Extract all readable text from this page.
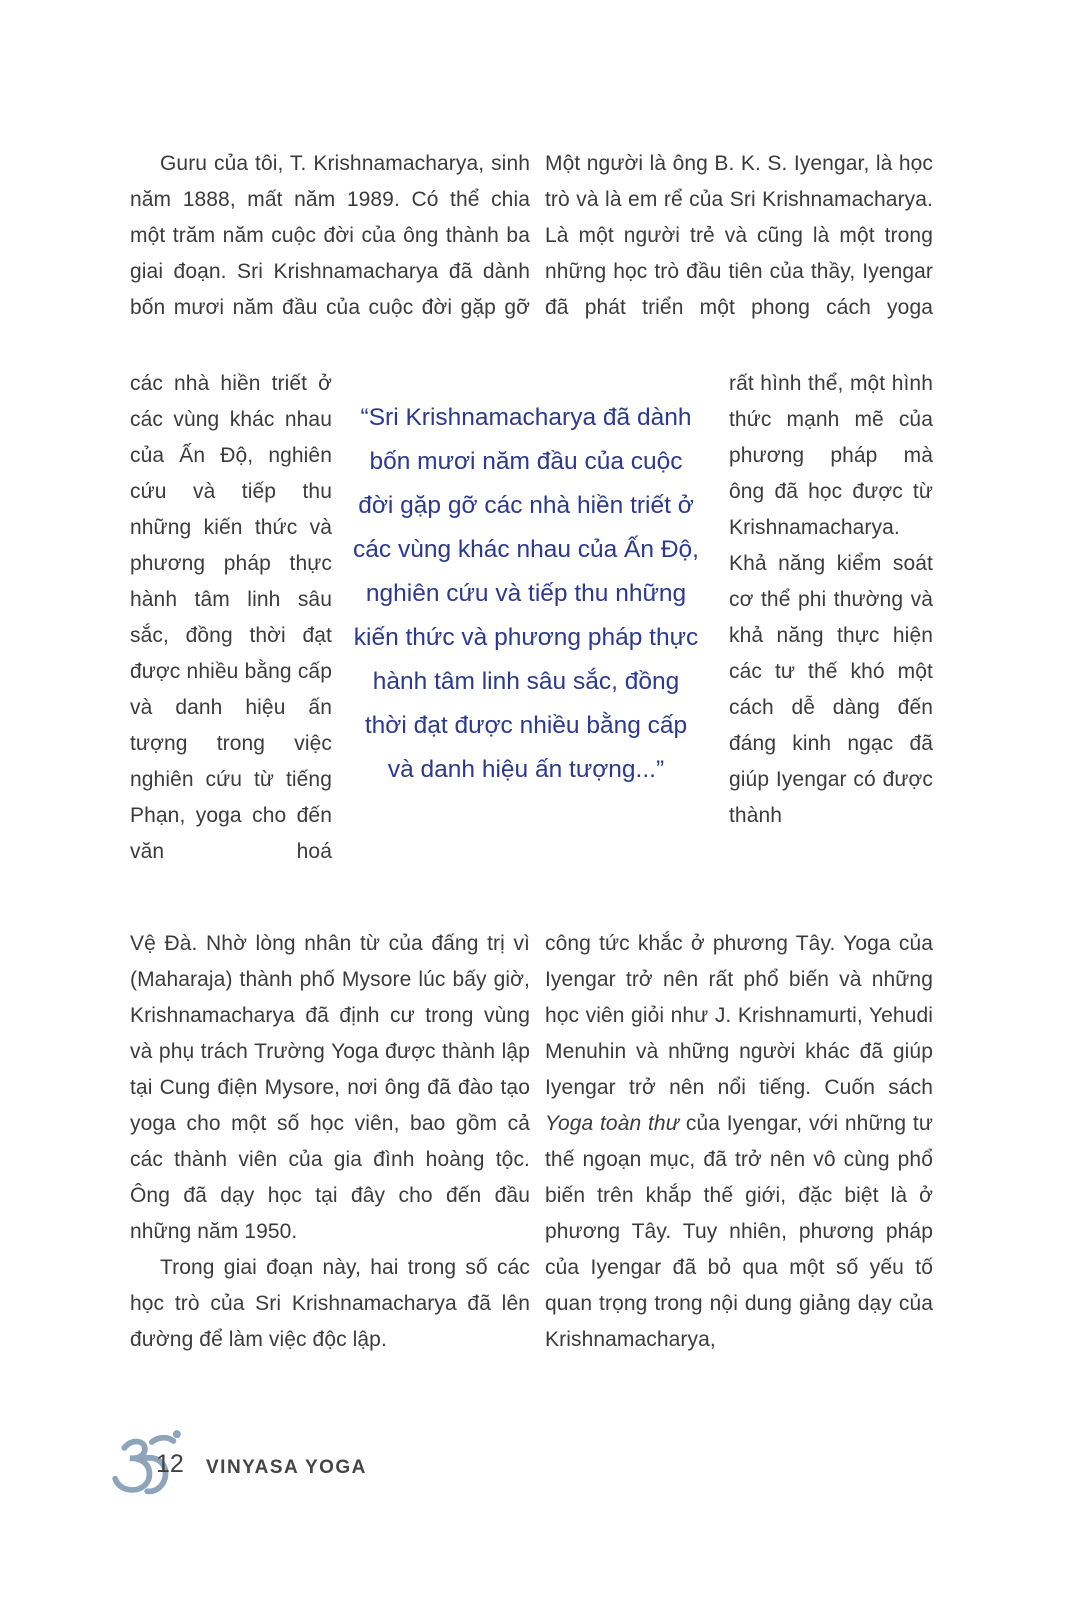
Guru của tôi, T. Krishnamacharya, sinh năm 1888, mất năm 1989. Có thể chia một trăm năm cuộc đời của ông thành ba giai đoạn. Sri Krishnamacharya đã dành bốn mươi năm đầu của cuộc đời gặp gỡ
các nhà hiền triết ở các vùng khác nhau của Ấn Độ, nghiên cứu và tiếp thu những kiến thức và phương pháp thực hành tâm linh sâu sắc, đồng thời đạt được nhiều bằng cấp và danh hiệu ấn tượng trong việc nghiên cứu từ tiếng Phạn, yoga cho đến văn hoá

Vệ Đà. Nhờ lòng nhân từ của đấng trị vì (Maharaja) thành phố Mysore lúc bấy giờ, Krishnamacharya đã định cư trong vùng và phụ trách Trường Yoga được thành lập tại Cung điện Mysore, nơi ông đã đào tạo yoga cho một số học viên, bao gồm cả các thành viên của gia đình hoàng tộc. Ông đã dạy học tại đây cho đến đầu những năm 1950.

Trong giai đoạn này, hai trong số các học trò của Sri Krishnamacharya đã lên đường để làm việc độc lập.

“Sri Krishnamacharya đã dành bốn mươi năm đầu của cuộc đời gặp gỡ các nhà hiền triết ở các vùng khác nhau của Ấn Độ, nghiên cứu và tiếp thu những kiến thức và phương pháp thực hành tâm linh sâu sắc, đồng thời đạt được nhiều bằng cấp và danh hiệu ấn tượng...”
Một người là ông B. K. S. Iyengar, là học trò và là em rể của Sri Krishnamacharya. Là một người trẻ và cũng là một trong những học trò đầu tiên của thầy, Iyengar đã phát triển một phong cách yoga
rất hình thể, một hình thức mạnh mẽ của phương pháp mà ông đã học được từ Krishnamacharya. Khả năng kiểm soát cơ thể phi thường và khả năng thực hiện các tư thế khó một cách dễ dàng đến đáng kinh ngạc đã giúp Iyengar có được thành
công tức khắc ở phương Tây. Yoga của Iyengar trở nên rất phổ biến và những học viên giỏi như J. Krishnamurti, Yehudi Menuhin và những người khác đã giúp Iyengar trở nên nổi tiếng. Cuốn sách Yoga toàn thư của Iyengar, với những tư thế ngoạn mục, đã trở nên vô cùng phổ biến trên khắp thế giới, đặc biệt là ở phương Tây. Tuy nhiên, phương pháp của Iyengar đã bỏ qua một số yếu tố quan trọng trong nội dung giảng dạy của Krishnamacharya,
12 VINYASA YOGA
